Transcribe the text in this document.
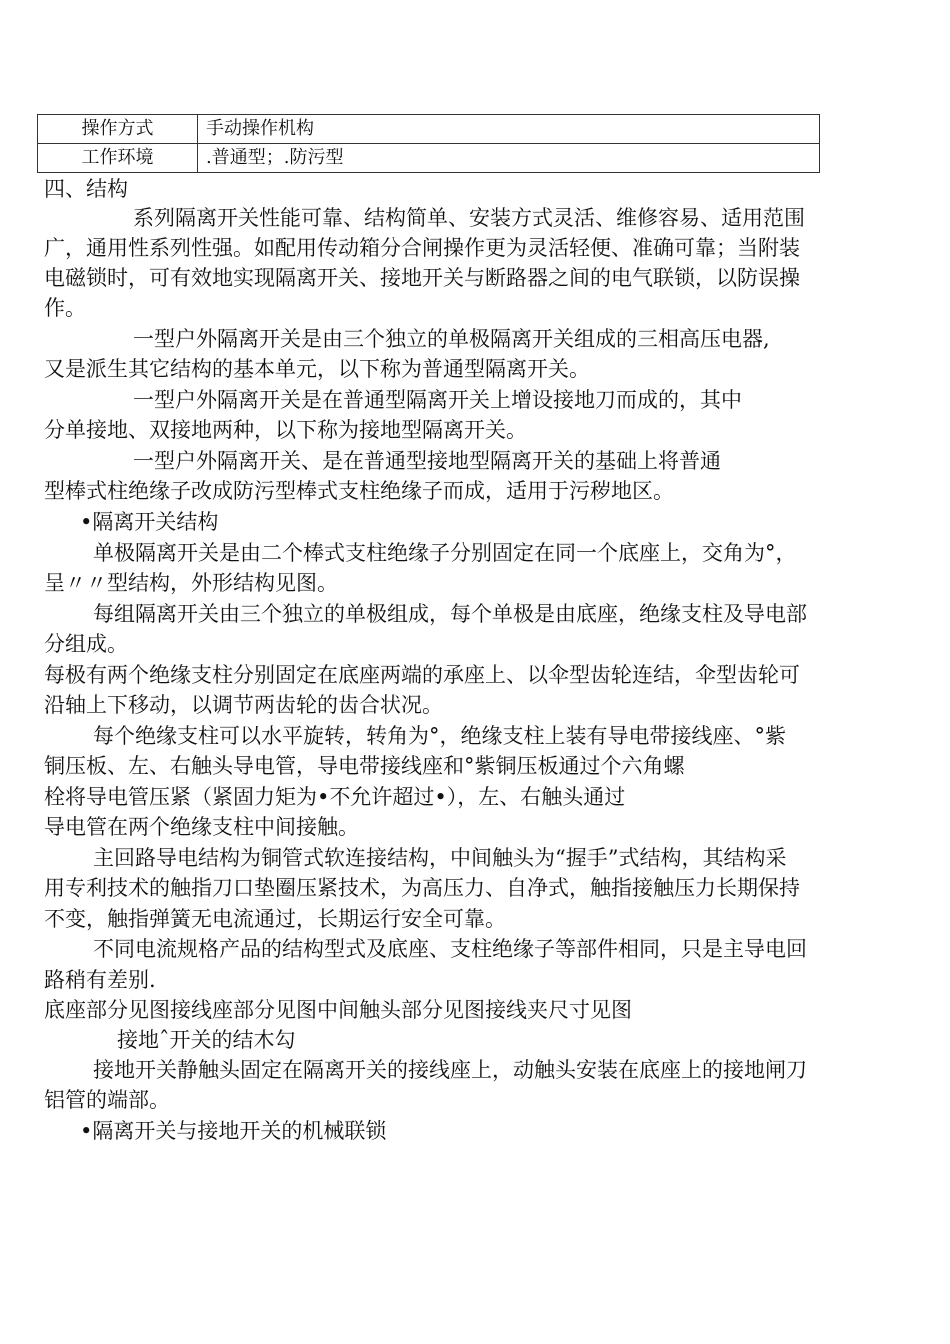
操作方式	手动操作机构
工作环境	.普通型；.防污型
四、结构
系列隔离开关性能可靠、结构简单、安装方式灵活、维修容易、适用范围
广，通用性系列性强。如配用传动箱分合闸操作更为灵活轻便、准确可靠；当附装
电磁锁时，可有效地实现隔离开关、接地开关与断路器之间的电气联锁，以防误操
作。
一型户外隔离开关是由三个独立的单极隔离开关组成的三相高压电器,
又是派生其它结构的基本单元，以下称为普通型隔离开关。
一型户外隔离开关是在普通型隔离开关上增设接地刀而成的，其中
分单接地、双接地两种，以下称为接地型隔离开关。
一型户外隔离开关、是在普通型接地型隔离开关的基础上将普通
型棒式柱绝缘子改成防污型棒式支柱绝缘子而成，适用于污秽地区。
•隔离开关结构
单极隔离开关是由二个棒式支柱绝缘子分别固定在同一个底座上，交角为°，
呈〃〃型结构，外形结构见图。
每组隔离开关由三个独立的单极组成，每个单极是由底座，绝缘支柱及导电部
分组成。
每极有两个绝缘支柱分别固定在底座两端的承座上、以伞型齿轮连结，伞型齿轮可
沿轴上下移动，以调节两齿轮的齿合状况。
每个绝缘支柱可以水平旋转，转角为°，绝缘支柱上装有导电带接线座、°紫
铜压板、左、右触头导电管，导电带接线座和°紫铜压板通过个六角螺
栓将导电管压紧（紧固力矩为•不允许超过•），左、右触头通过
导电管在两个绝缘支柱中间接触。
主回路导电结构为铜管式软连接结构，中间触头为“握手”式结构，其结构采
用专利技术的触指刀口垫圈压紧技术，为高压力、自净式，触指接触压力长期保持
不变，触指弹簧无电流通过，长期运行安全可靠。
不同电流规格产品的结构型式及底座、支柱绝缘子等部件相同，只是主导电回
路稍有差别.
底座部分见图接线座部分见图中间触头部分见图接线夹尺寸见图
接地ˆ开关的结木勾
接地开关静触头固定在隔离开关的接线座上，动触头安装在底座上的接地闸刀
铝管的端部。
•隔离开关与接地开关的机械联锁
